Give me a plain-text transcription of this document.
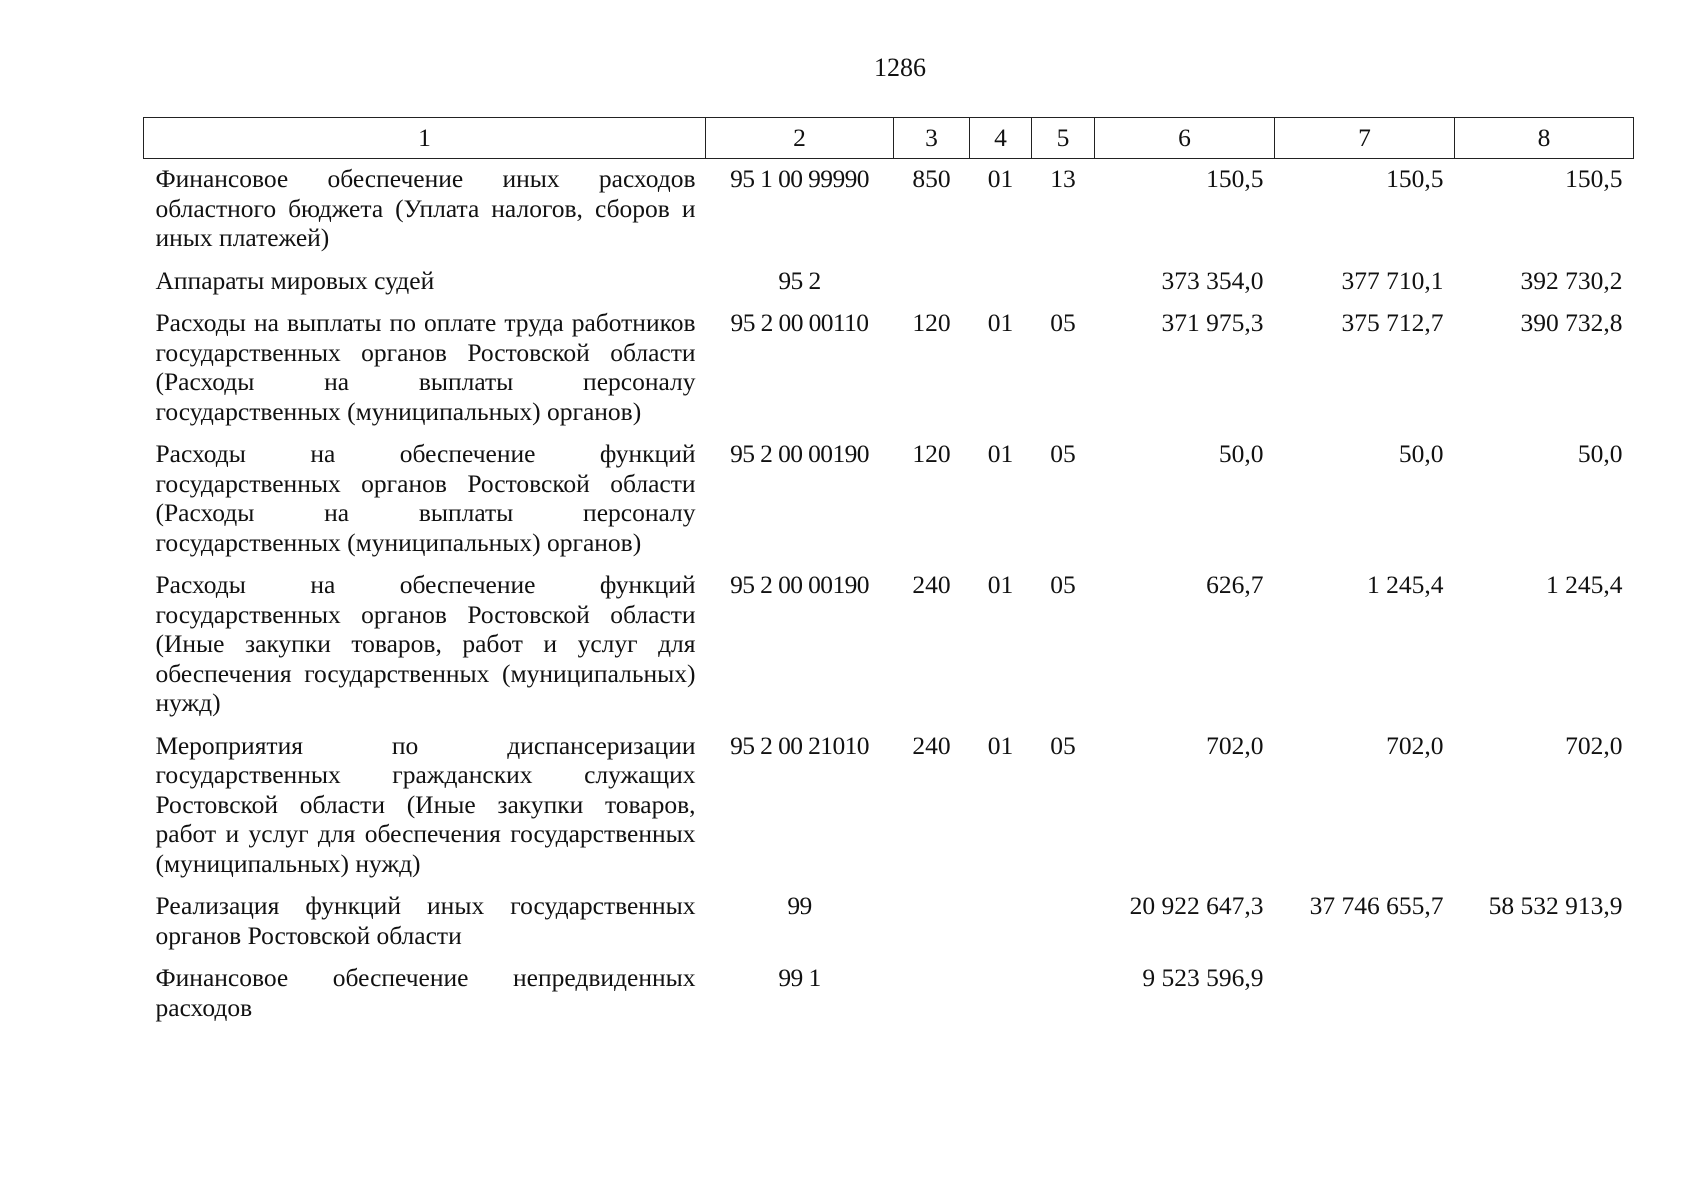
1286
1	2	3	4	5	6	7	8
Финансовое обеспечение иных расходов областного бюджета (Уплата налогов, сборов и иных платежей)	95 1 00 99990	850	01	13	150,5	150,5	150,5
Аппараты мировых судей	95 2				373 354,0	377 710,1	392 730,2
Расходы на выплаты по оплате труда работников государственных органов Ростовской области (Расходы на выплаты персоналу государственных (муниципальных) органов)	95 2 00 00110	120	01	05	371 975,3	375 712,7	390 732,8
Расходы на обеспечение функций государственных органов Ростовской области (Расходы на выплаты персоналу государственных (муниципальных) органов)	95 2 00 00190	120	01	05	50,0	50,0	50,0
Расходы на обеспечение функций государственных органов Ростовской области (Иные закупки товаров, работ и услуг для обеспечения государственных (муниципальных) нужд)	95 2 00 00190	240	01	05	626,7	1 245,4	1 245,4
Мероприятия по диспансеризации государственных гражданских служащих Ростовской области (Иные закупки товаров, работ и услуг для обеспечения государственных (муниципальных) нужд)	95 2 00 21010	240	01	05	702,0	702,0	702,0
Реализация функций иных государственных органов Ростовской области	99				20 922 647,3	37 746 655,7	58 532 913,9
Финансовое обеспечение непредвиденных расходов	99 1				9 523 596,9		
